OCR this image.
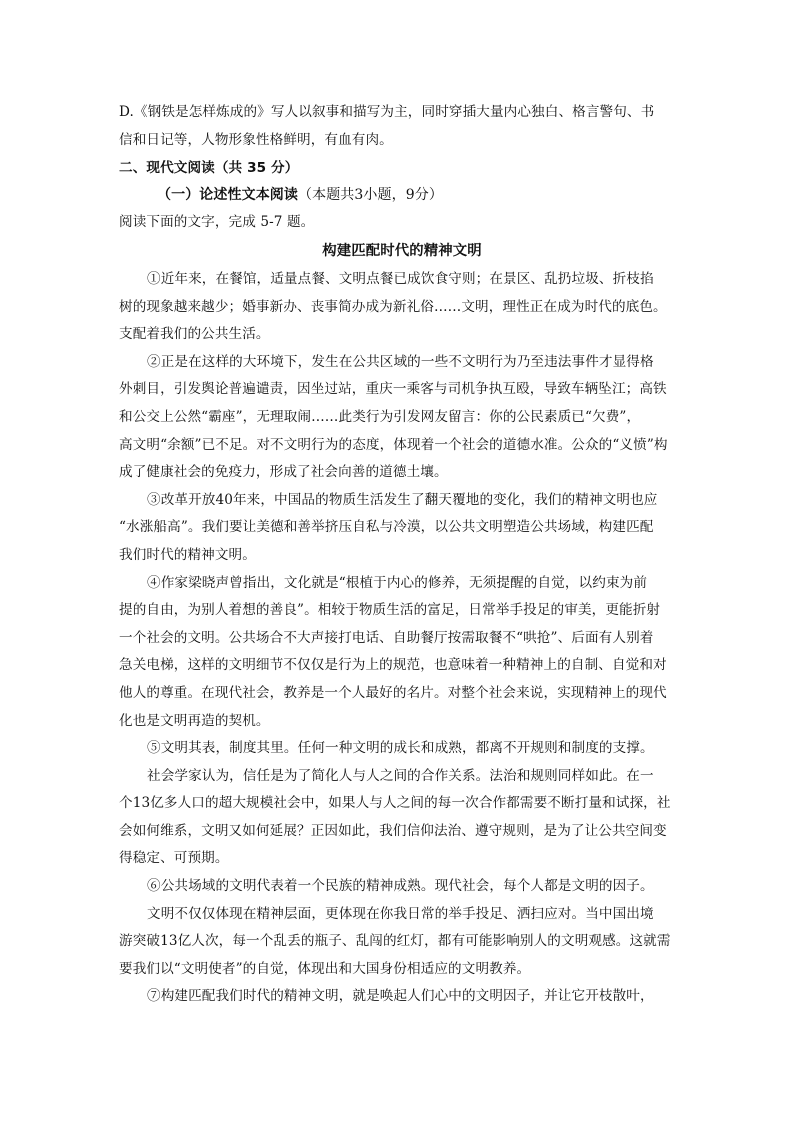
D.《钢铁是怎样炼成的》写人以叙事和描写为主，同时穿插大量内心独白、格言警句、书
信和日记等，人物形象性格鲜明，有血有肉。
二、现代文阅读（共 35 分）
（一）论述性文本阅读（本题共3小题，9分）
阅读下面的文字，完成 5-7 题。
构建匹配时代的精神文明
①近年来，在餐馆，适量点餐、文明点餐已成饮食守则；在景区、乱扔垃圾、折枝掐
树的现象越来越少；婚事新办、丧事简办成为新礼俗……文明，理性正在成为时代的底色。
支配着我们的公共生活。
②正是在这样的大环境下，发生在公共区域的一些不文明行为乃至违法事件才显得格
外刺目，引发舆论普遍谴责，因坐过站，重庆一乘客与司机争执互殴，导致车辆坠江；高铁
和公交上公然“霸座”，无理取闹……此类行为引发网友留言：你的公民素质已“欠费”，
高文明“余额”已不足。对不文明行为的态度，体现着一个社会的道德水准。公众的“义愤”构
成了健康社会的免疫力，形成了社会向善的道德土壤。
③改革开放40年来，中国品的物质生活发生了翻天覆地的变化，我们的精神文明也应
“水涨船高”。我们要让美德和善举挤压自私与冷漠，以公共文明塑造公共场域，构建匹配
我们时代的精神文明。
④作家梁晓声曾指出，文化就是“根植于内心的修养，无须提醒的自觉，以约束为前
提的自由，为别人着想的善良”。相较于物质生活的富足，日常举手投足的审美，更能折射
一个社会的文明。公共场合不大声接打电话、自助餐厅按需取餐不“哄抢”、后面有人别着
急关电梯，这样的文明细节不仅仅是行为上的规范，也意味着一种精神上的自制、自觉和对
他人的尊重。在现代社会，教养是一个人最好的名片。对整个社会来说，实现精神上的现代
化也是文明再造的契机。
⑤文明其表，制度其里。任何一种文明的成长和成熟，都离不开规则和制度的支撑。
社会学家认为，信任是为了简化人与人之间的合作关系。法治和规则同样如此。在一
个13亿多人口的超大规模社会中，如果人与人之间的每一次合作都需要不断打量和试探，社
会如何维系，文明又如何延展？正因如此，我们信仰法治、遵守规则，是为了让公共空间变
得稳定、可预期。
⑥公共场域的文明代表着一个民族的精神成熟。现代社会，每个人都是文明的因子。
文明不仅仅体现在精神层面，更体现在你我日常的举手投足、洒扫应对。当中国出境
游突破13亿人次，每一个乱丢的瓶子、乱闯的红灯，都有可能影响别人的文明观感。这就需
要我们以“文明使者”的自觉，体现出和大国身份相适应的文明教养。
⑦构建匹配我们时代的精神文明，就是唤起人们心中的文明因子，并让它开枝散叶，
